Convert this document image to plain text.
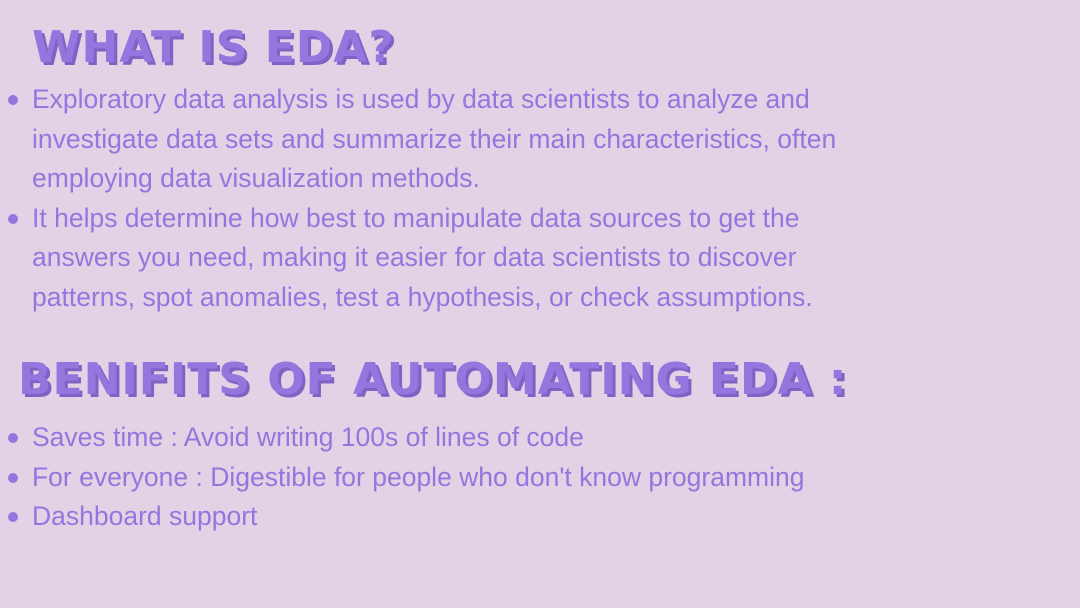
WHAT IS EDA?
Exploratory data analysis is used by data scientists to analyze and investigate data sets and summarize their main characteristics, often employing data visualization methods.
It helps determine how best to manipulate data sources to get the answers you need, making it easier for data scientists to discover patterns, spot anomalies, test a hypothesis, or check assumptions.
BENIFITS OF AUTOMATING EDA :
Saves time : Avoid writing 100s of lines of code
For everyone : Digestible for people who don't know programming
Dashboard support
